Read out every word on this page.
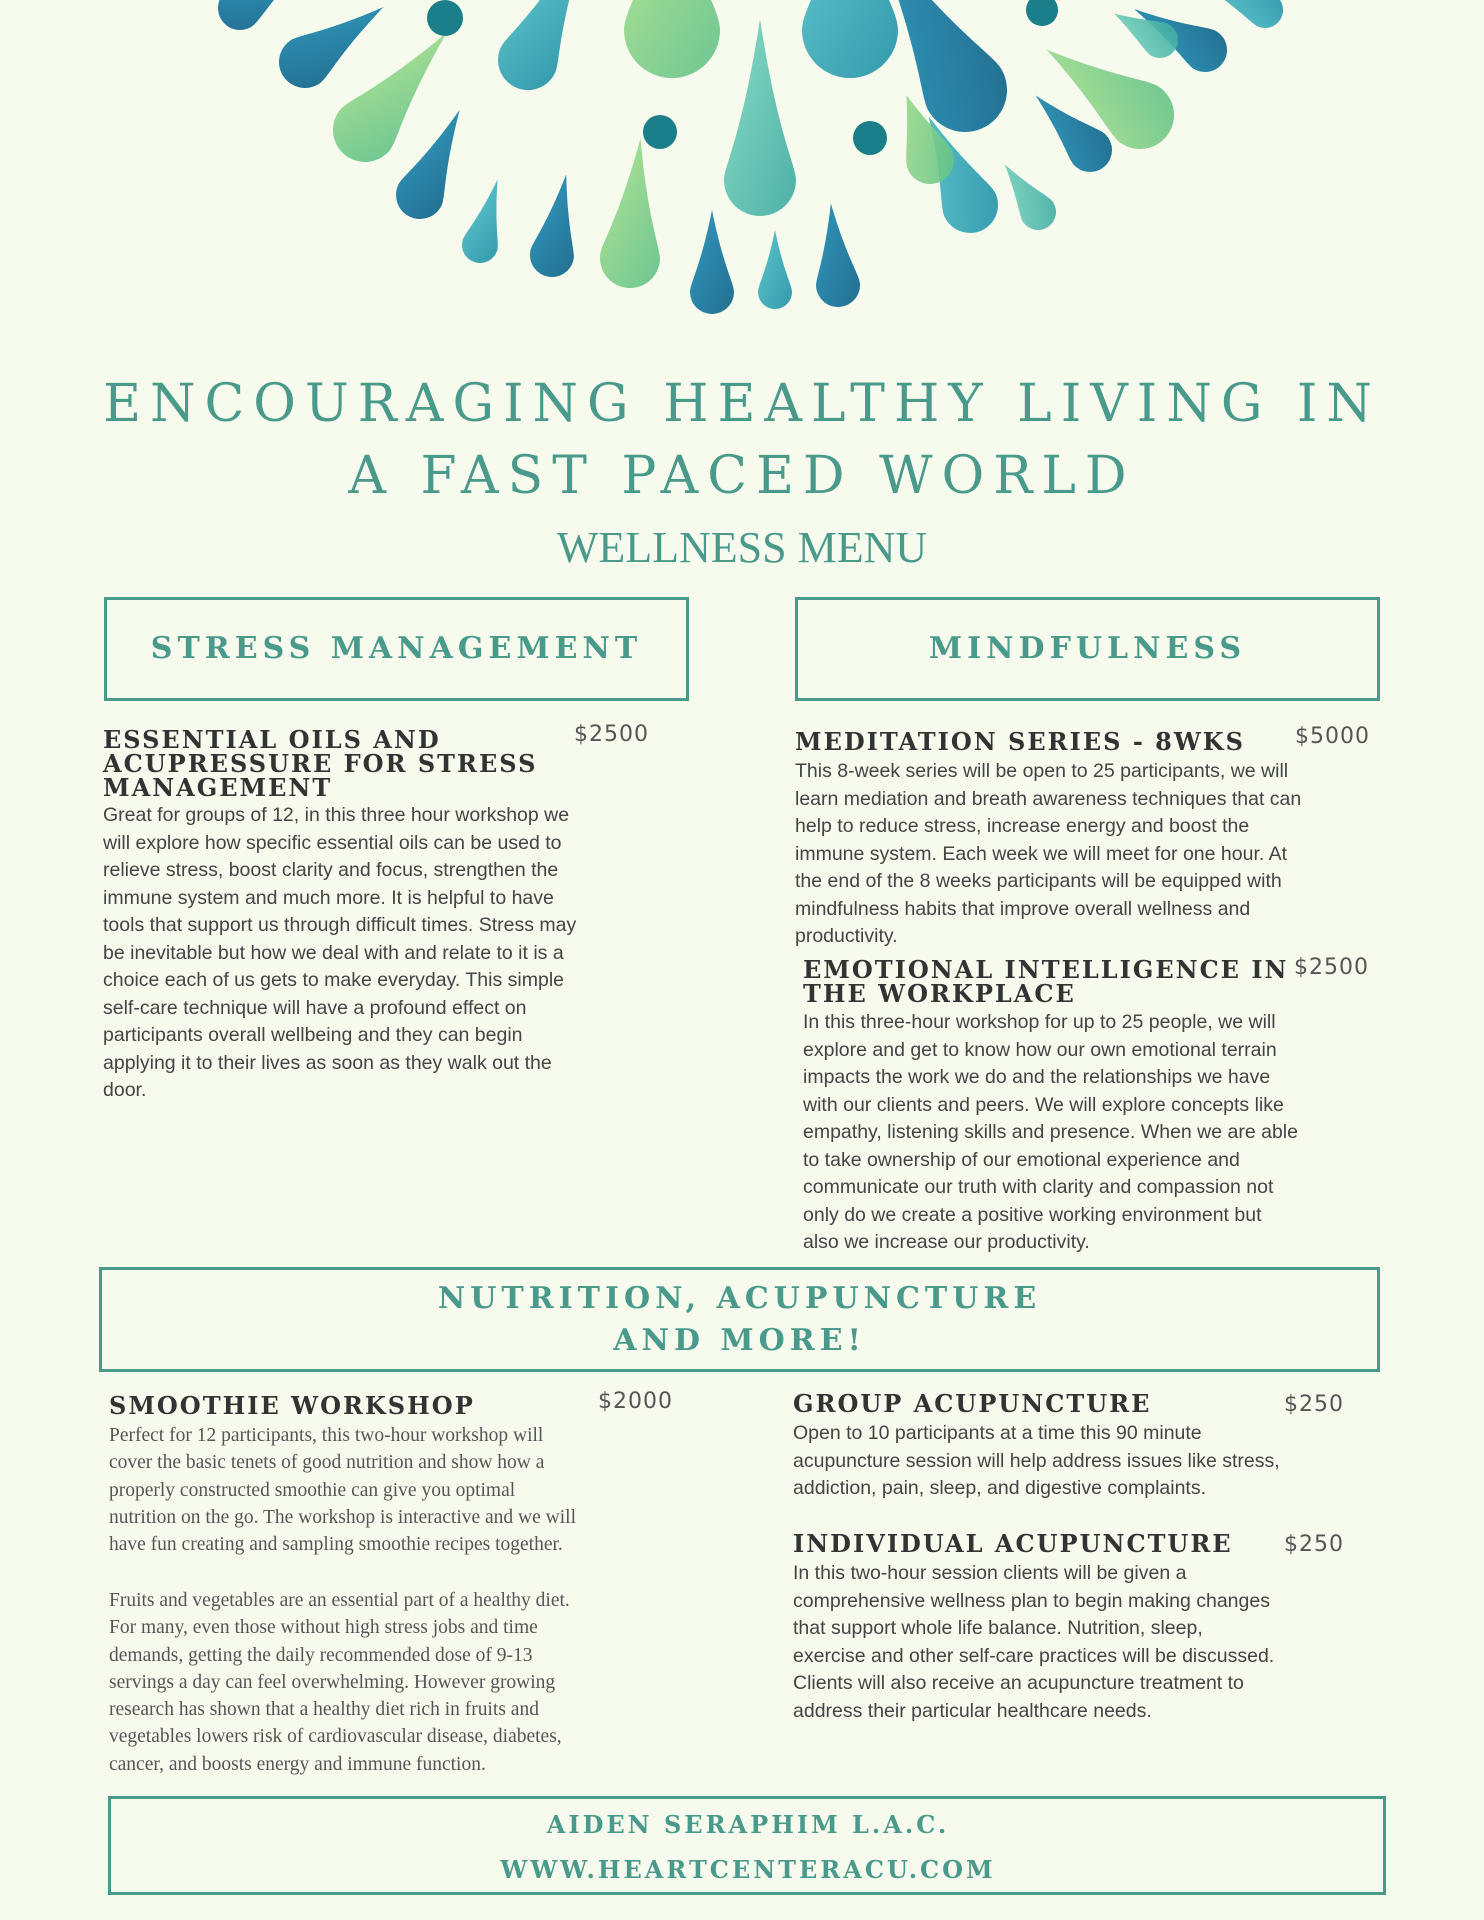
ENCOURAGING HEALTHY LIVING IN
A FAST PACED WORLD
WELLNESS MENU
STRESS MANAGEMENT
ESSENTIAL OILS AND
ACUPRESSURE FOR STRESS
MANAGEMENT
$2500
Great for groups of 12, in this three hour workshop we
will explore how specific essential oils can be used to
relieve stress, boost clarity and focus, strengthen the
immune system and much more. It is helpful to have
tools that support us through difficult times. Stress may
be inevitable but how we deal with and relate to it is a
choice each of us gets to make everyday. This simple
self-care technique will have a profound effect on
participants overall wellbeing and they can begin
applying it to their lives as soon as they walk out the
door.
MINDFULNESS
MEDITATION SERIES - 8WKS $5000
This 8-week series will be open to 25 participants, we will
learn mediation and breath awareness techniques that can
help to reduce stress, increase energy and boost the
immune system. Each week we will meet for one hour. At
the end of the 8 weeks participants will be equipped with
mindfulness habits that improve overall wellness and
productivity.
EMOTIONAL INTELLIGENCE IN
THE WORKPLACE
$2500
In this three-hour workshop for up to 25 people, we will
explore and get to know how our own emotional terrain
impacts the work we do and the relationships we have
with our clients and peers. We will explore concepts like
empathy, listening skills and presence. When we are able
to take ownership of our emotional experience and
communicate our truth with clarity and compassion not
only do we create a positive working environment but
also we increase our productivity.
NUTRITION, ACUPUNCTURE
AND MORE!
SMOOTHIE WORKSHOP	$2000
Perfect for 12 participants, this two-hour workshop will
cover the basic tenets of good nutrition and show how a
properly constructed smoothie can give you optimal
nutrition on the go. The workshop is interactive and we will
have fun creating and sampling smoothie recipes together.
Fruits and vegetables are an essential part of a healthy diet.
For many, even those without high stress jobs and time
demands, getting the daily recommended dose of 9-13
servings a day can feel overwhelming. However growing
research has shown that a healthy diet rich in fruits and
vegetables lowers risk of cardiovascular disease, diabetes,
cancer, and boosts energy and immune function.
GROUP ACUPUNCTURE	$250
Open to 10 participants at a time this 90 minute
acupuncture session will help address issues like stress,
addiction, pain, sleep, and digestive complaints.
INDIVIDUAL ACUPUNCTURE $250
In this two-hour session clients will be given a
comprehensive wellness plan to begin making changes
that support whole life balance. Nutrition, sleep,
exercise and other self-care practices will be discussed.
Clients will also receive an acupuncture treatment to
address their particular healthcare needs.
AIDEN SERAPHIM L.A.C.
WWW.HEARTCENTERACU.COM
